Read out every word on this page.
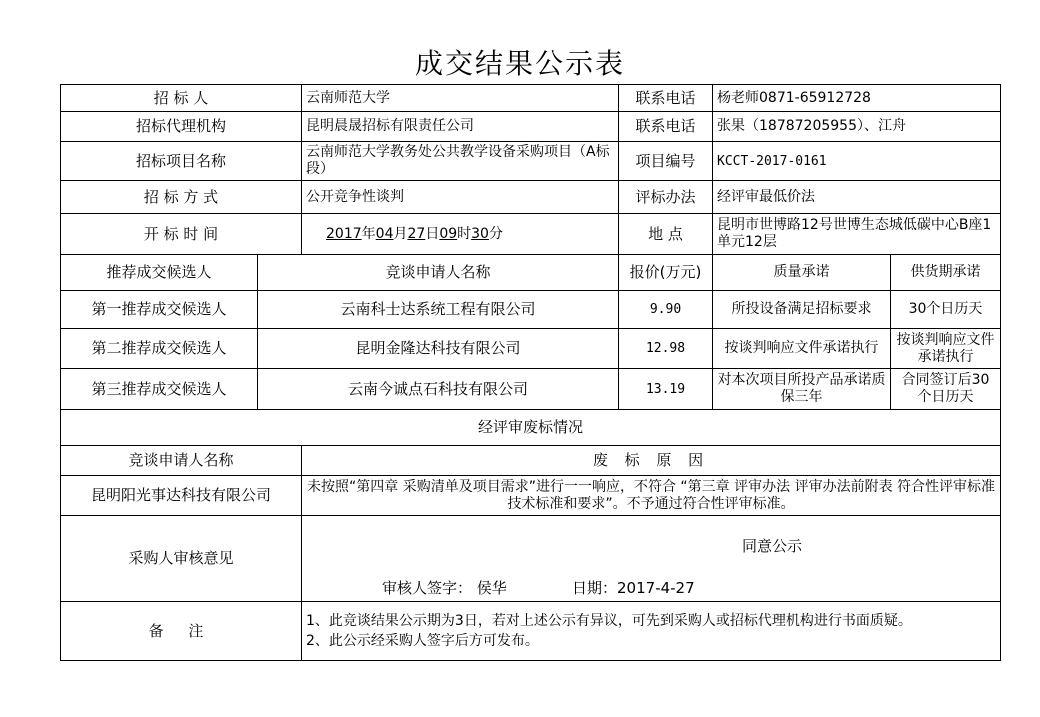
成交结果公示表
招 标 人		云南师范大学	联系电话	杨老师0871-65912728	
招标代理机构		昆明晨晟招标有限责任公司	联系电话	张果（18787205955）、江舟	
招标项目名称		云南师范大学教务处公共教学设备采购项目（A标段）	项目编号	KCCT-2017-0161	
招 标 方 式		公开竞争性谈判	评标办法	经评审最低价法	
开 标 时 间		2017年04月27日09时30分	地 点	昆明市世博路12号世博生态城低碳中心B座1单元12层	
推荐成交候选人	竞谈申请人名称		报价(万元)	质量承诺	供货期承诺
第一推荐成交候选人	云南科士达系统工程有限公司		9.90	所投设备满足招标要求	30个日历天
第二推荐成交候选人	昆明金隆达科技有限公司		12.98	按谈判响应文件承诺执行	按谈判响应文件承诺执行
第三推荐成交候选人	云南今诚点石科技有限公司		13.19	对本次项目所投产品承诺质保三年	合同签订后30个日历天
经评审废标情况					
竞谈申请人名称		废 标 原 因			
昆明阳光事达科技有限公司		未按照“第四章 采购清单及项目需求”进行一一响应，不符合 “第三章 评审办法 评审办法前附表 符合性评审标准 技术标准和要求”。不予通过符合性评审标准。			
采购人审核意见		同意公示
审核人签字： 侯华 日期：2017-4-27			

备 注		1、此竞谈结果公示期为3日，若对上述公示有异议，可先到采购人或招标代理机构进行书面质疑。
2、此公示经采购人签字后方可发布。			
